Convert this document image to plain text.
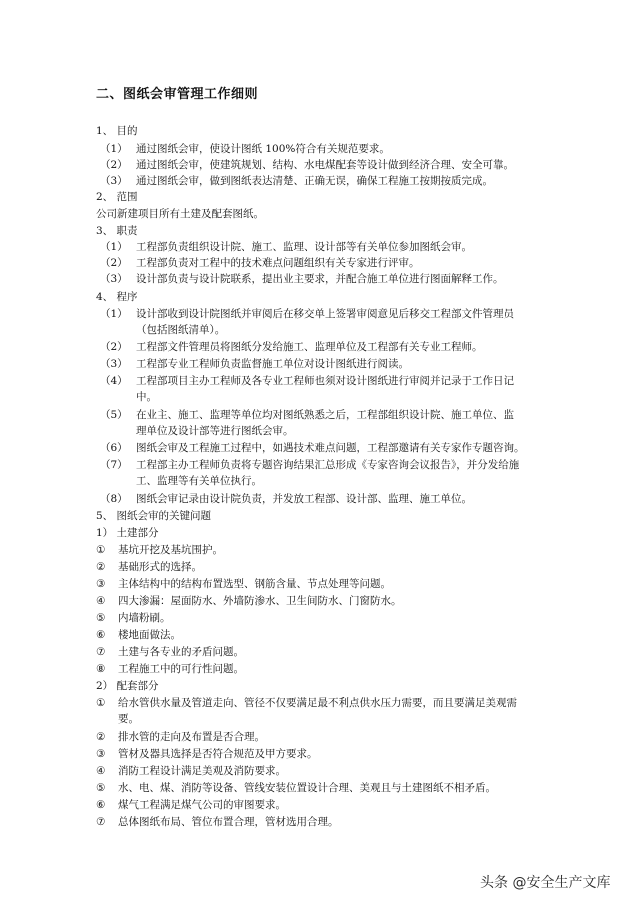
二、图纸会审管理工作细则
1、 目的
（1） 通过图纸会审，使设计图纸 100%符合有关规范要求。
（2） 通过图纸会审，使建筑规划、结构、水电煤配套等设计做到经济合理、安全可靠。
（3） 通过图纸会审，做到图纸表达清楚、正确无误，确保工程施工按期按质完成。
2、 范围
公司新建项目所有土建及配套图纸。
3、 职责
（1） 工程部负责组织设计院、施工、监理、设计部等有关单位参加图纸会审。
（2） 工程部负责对工程中的技术难点问题组织有关专家进行评审。
（3） 设计部负责与设计院联系，提出业主要求，并配合施工单位进行图面解释工作。
4、 程序
（1） 设计部收到设计院图纸并审阅后在移交单上签署审阅意见后移交工程部文件管理员
（包括图纸清单）。
（2） 工程部文件管理员将图纸分发给施工、监理单位及工程部有关专业工程师。
（3） 工程部专业工程师负责监督施工单位对设计图纸进行阅读。
（4） 工程部项目主办工程师及各专业工程师也须对设计图纸进行审阅并记录于工作日记
中。
（5） 在业主、施工、监理等单位均对图纸熟悉之后，工程部组织设计院、施工单位、监
理单位及设计部等进行图纸会审。
（6） 图纸会审及工程施工过程中，如遇技术难点问题，工程部邀请有关专家作专题咨询。
（7） 工程部主办工程师负责将专题咨询结果汇总形成《专家咨询会议报告》，并分发给施
工、监理等有关单位执行。
（8） 图纸会审记录由设计院负责，并发放工程部、设计部、监理、施工单位。
5、 图纸会审的关键问题
1） 土建部分
① 基坑开挖及基坑围护。
② 基础形式的选择。
③ 主体结构中的结构布置选型、钢筋含量、节点处理等问题。
④ 四大渗漏：屋面防水、外墙防渗水、卫生间防水、门窗防水。
⑤ 内墙粉刷。
⑥ 楼地面做法。
⑦ 土建与各专业的矛盾问题。
⑧ 工程施工中的可行性问题。
2） 配套部分
① 给水管供水量及管道走向、管径不仅要满足最不利点供水压力需要，而且要满足美观需
要。
② 排水管的走向及布置是否合理。
③ 管材及器具选择是否符合规范及甲方要求。
④ 消防工程设计满足美观及消防要求。
⑤ 水、电、煤、消防等设备、管线安装位置设计合理、美观且与土建图纸不相矛盾。
⑥ 煤气工程满足煤气公司的审图要求。
⑦ 总体图纸布局、管位布置合理，管材选用合理。
头条 @安全生产文库
